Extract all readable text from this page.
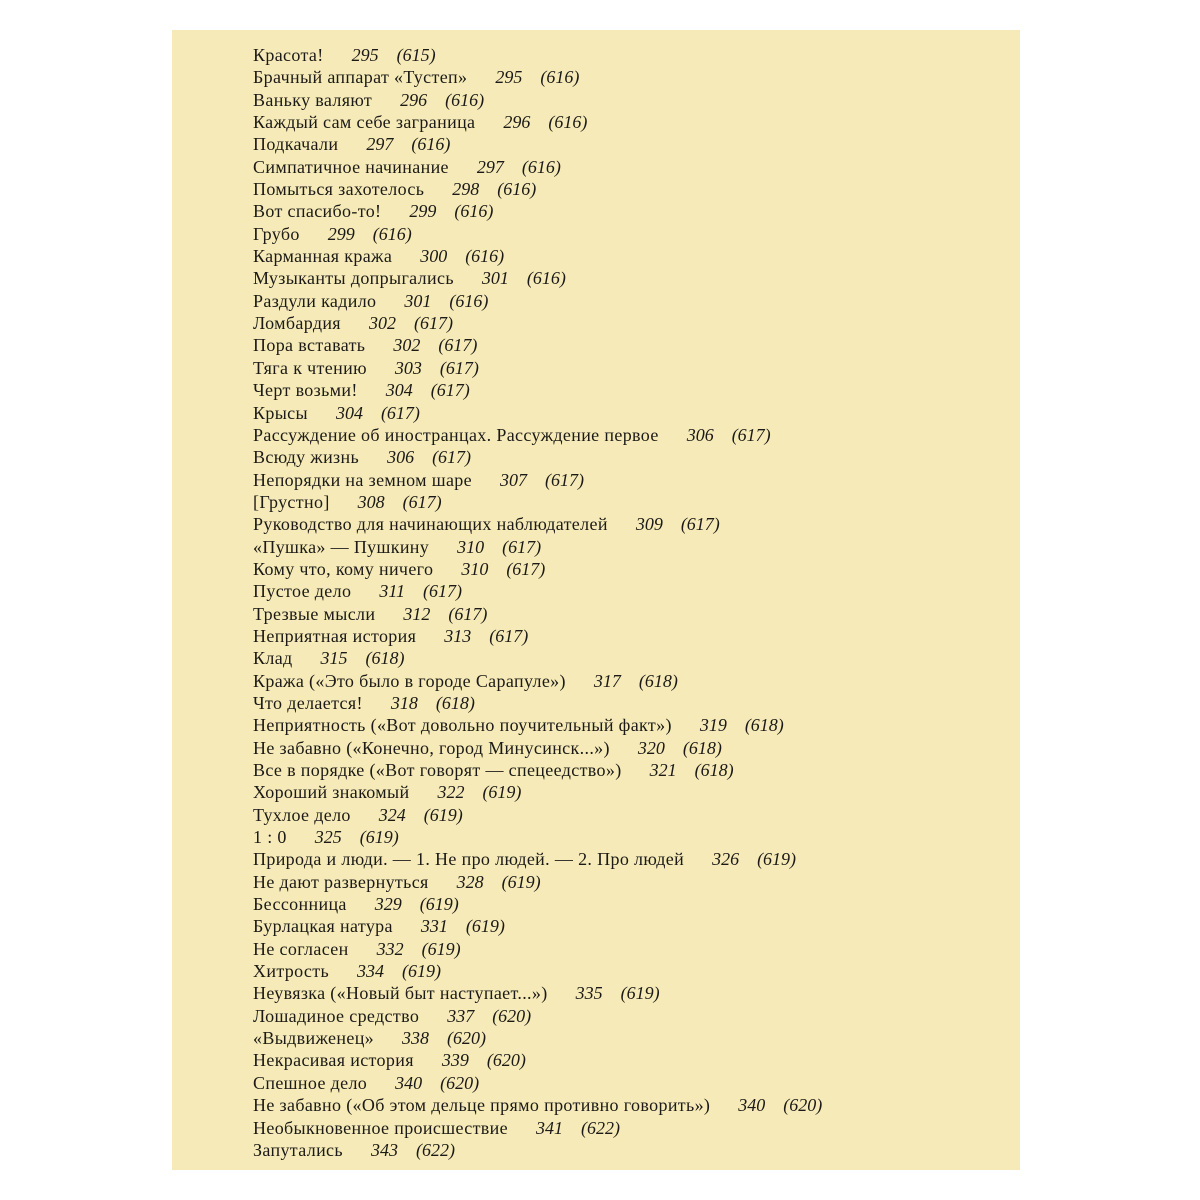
Красота! 295 (615)
Брачный аппарат «Тустеп» 295 (616)
Ваньку валяют 296 (616)
Каждый сам себе заграница 296 (616)
Подкачали 297 (616)
Симпатичное начинание 297 (616)
Помыться захотелось 298 (616)
Вот спасибо-то! 299 (616)
Грубо 299 (616)
Карманная кража 300 (616)
Музыканты допрыгались 301 (616)
Раздули кадило 301 (616)
Ломбардия 302 (617)
Пора вставать 302 (617)
Тяга к чтению 303 (617)
Черт возьми! 304 (617)
Крысы 304 (617)
Рассуждение об иностранцах. Рассуждение первое 306 (617)
Всюду жизнь 306 (617)
Непорядки на земном шаре 307 (617)
[Грустно] 308 (617)
Руководство для начинающих наблюдателей 309 (617)
«Пушка» — Пушкину 310 (617)
Кому что, кому ничего 310 (617)
Пустое дело 311 (617)
Трезвые мысли 312 (617)
Неприятная история 313 (617)
Клад 315 (618)
Кража («Это было в городе Сарапуле») 317 (618)
Что делается! 318 (618)
Неприятность («Вот довольно поучительный факт») 319 (618)
Не забавно («Конечно, город Минусинск...») 320 (618)
Все в порядке («Вот говорят — спецеедство») 321 (618)
Хороший знакомый 322 (619)
Тухлое дело 324 (619)
1 : 0 325 (619)
Природа и люди. — 1. Не про людей. — 2. Про людей 326 (619)
Не дают развернуться 328 (619)
Бессонница 329 (619)
Бурлацкая натура 331 (619)
Не согласен 332 (619)
Хитрость 334 (619)
Неувязка («Новый быт наступает...») 335 (619)
Лошадиное средство 337 (620)
«Выдвиженец» 338 (620)
Некрасивая история 339 (620)
Спешное дело 340 (620)
Не забавно («Об этом дельце прямо противно говорить») 340 (620)
Необыкновенное происшествие 341 (622)
Запутались 343 (622)
